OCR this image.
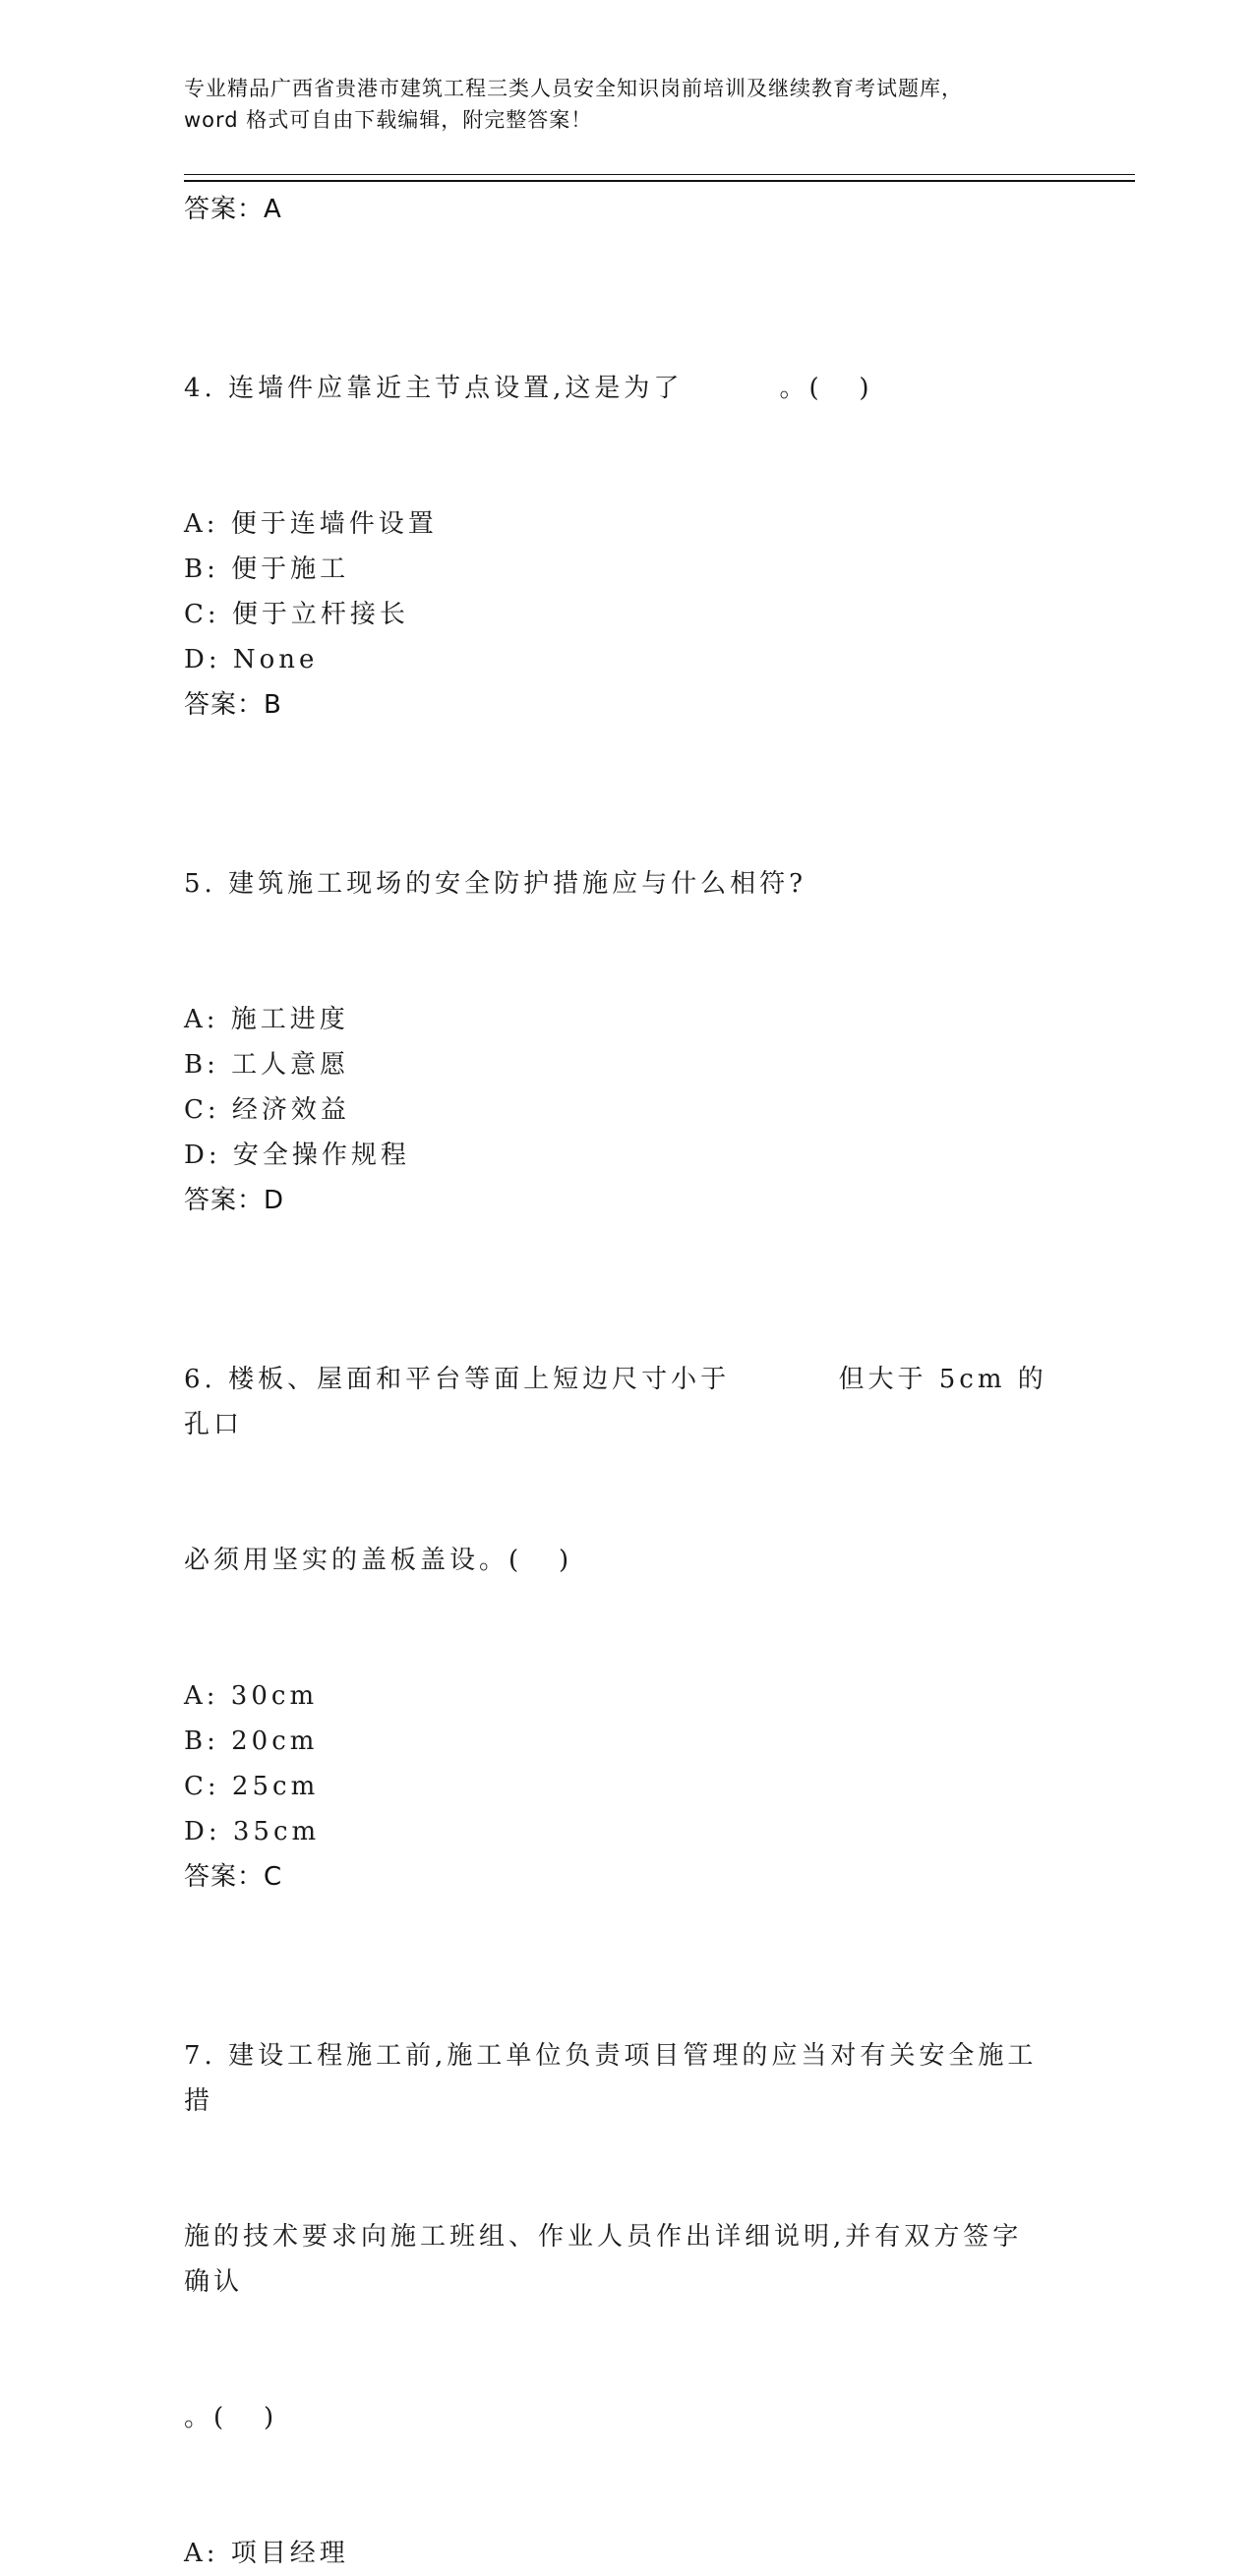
专业精品广西省贵港市建筑工程三类人员安全知识岗前培训及继续教育考试题库，
word 格式可自由下载编辑，附完整答案！
答案：A

4. 连墙件应靠近主节点设置,这是为了        。(   )

A: 便于连墙件设置
B: 便于施工
C: 便于立杆接长
D: None
答案：B

5. 建筑施工现场的安全防护措施应与什么相符?

A: 施工进度
B: 工人意愿
C: 经济效益
D: 安全操作规程
答案：D

6. 楼板、屋面和平台等面上短边尺寸小于         但大于 5cm 的孔口

必须用坚实的盖板盖设。(   )

A: 30cm
B: 20cm
C: 25cm
D: 35cm
答案：C

7. 建设工程施工前,施工单位负责项目管理的应当对有关安全施工措

施的技术要求向施工班组、作业人员作出详细说明,并有双方签字确认

。(   )

A: 项目经理
